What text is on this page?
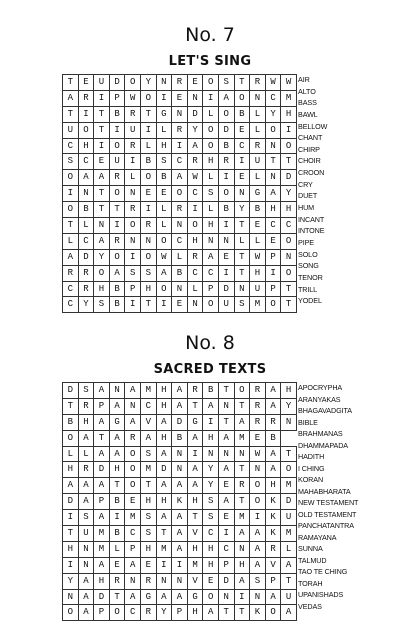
No. 7
LET'S SING
T	E	U	D	O	Y	N	R	E	O	S	T	R	W	W
A	R	I	P	W	O	I	E	N	I	A	O	N	C	M
T	I	T	B	R	T	G	N	D	L	O	B	L	Y	H
U	O	T	I	U	I	L	R	Y	O	D	E	L	O	I
C	H	I	O	R	L	H	I	A	O	B	C	R	N	O
S	C	E	U	I	B	S	C	R	H	R	I	U	T	T
O	A	A	R	L	O	B	A	W	L	I	E	L	N	D
I	N	T	O	N	E	E	O	C	S	O	N	G	A	Y
O	B	T	T	R	I	L	R	I	L	B	Y	B	H	H
T	L	N	I	O	R	L	N	O	H	I	T	E	C	C
L	C	A	R	N	N	O	C	H	N	N	L	L	E	O
A	D	Y	O	I	O	W	L	R	A	E	T	W	P	N
R	R	O	A	S	S	A	B	C	C	I	T	H	I	O
C	R	H	B	P	H	O	N	L	P	D	N	U	P	T
C	Y	S	B	I	T	I	E	N	O	U	S	M	O	T
AIR
ALTO
BASS
BAWL
BELLOW
CHANT
CHIRP
CHOIR
CROON
CRY
DUET
HUM
INCANT
INTONE
PIPE
SOLO
SONG
TENOR
TRILL
YODEL
No. 8
SACRED TEXTS
D	S	A	N	A	M	H	A	R	B	T	O	R	A	H
T	R	P	A	N	C	H	A	T	A	N	T	R	A	Y
B	H	A	G	A	V	A	D	G	I	T	A	R	R	N
O	A	T	A	R	A	H	B	A	H	A	M	E	B	
L	L	A	A	O	S	A	N	I	N	N	N	W	A	T
H	R	D	H	O	M	D	N	A	Y	A	T	N	A	O
A	A	A	T	O	T	A	A	A	Y	E	R	O	H	M
D	A	P	B	E	H	H	K	H	S	A	T	O	K	D
I	S	A	I	M	S	A	A	T	S	E	M	I	K	U
T	U	M	B	C	S	T	A	V	C	I	A	A	K	M
H	N	M	L	P	H	M	A	H	H	C	N	A	R	L
I	N	A	E	A	E	I	I	M	H	P	H	A	V	A
Y	A	H	R	N	R	N	N	V	E	D	A	S	P	T
N	A	D	T	A	G	A	A	G	O	N	I	N	A	U
O	A	P	O	C	R	Y	P	H	A	T	T	K	O	A
APOCRYPHA
ARANYAKAS
BHAGAVADGITA
BIBLE
BRAHMANAS
DHAMMAPADA
HADITH
I CHING
KORAN
MAHABHARATA
NEW TESTAMENT
OLD TESTAMENT
PANCHATANTRA
RAMAYANA
SUNNA
TALMUD
TAO TE CHING
TORAH
UPANISHADS
VEDAS
